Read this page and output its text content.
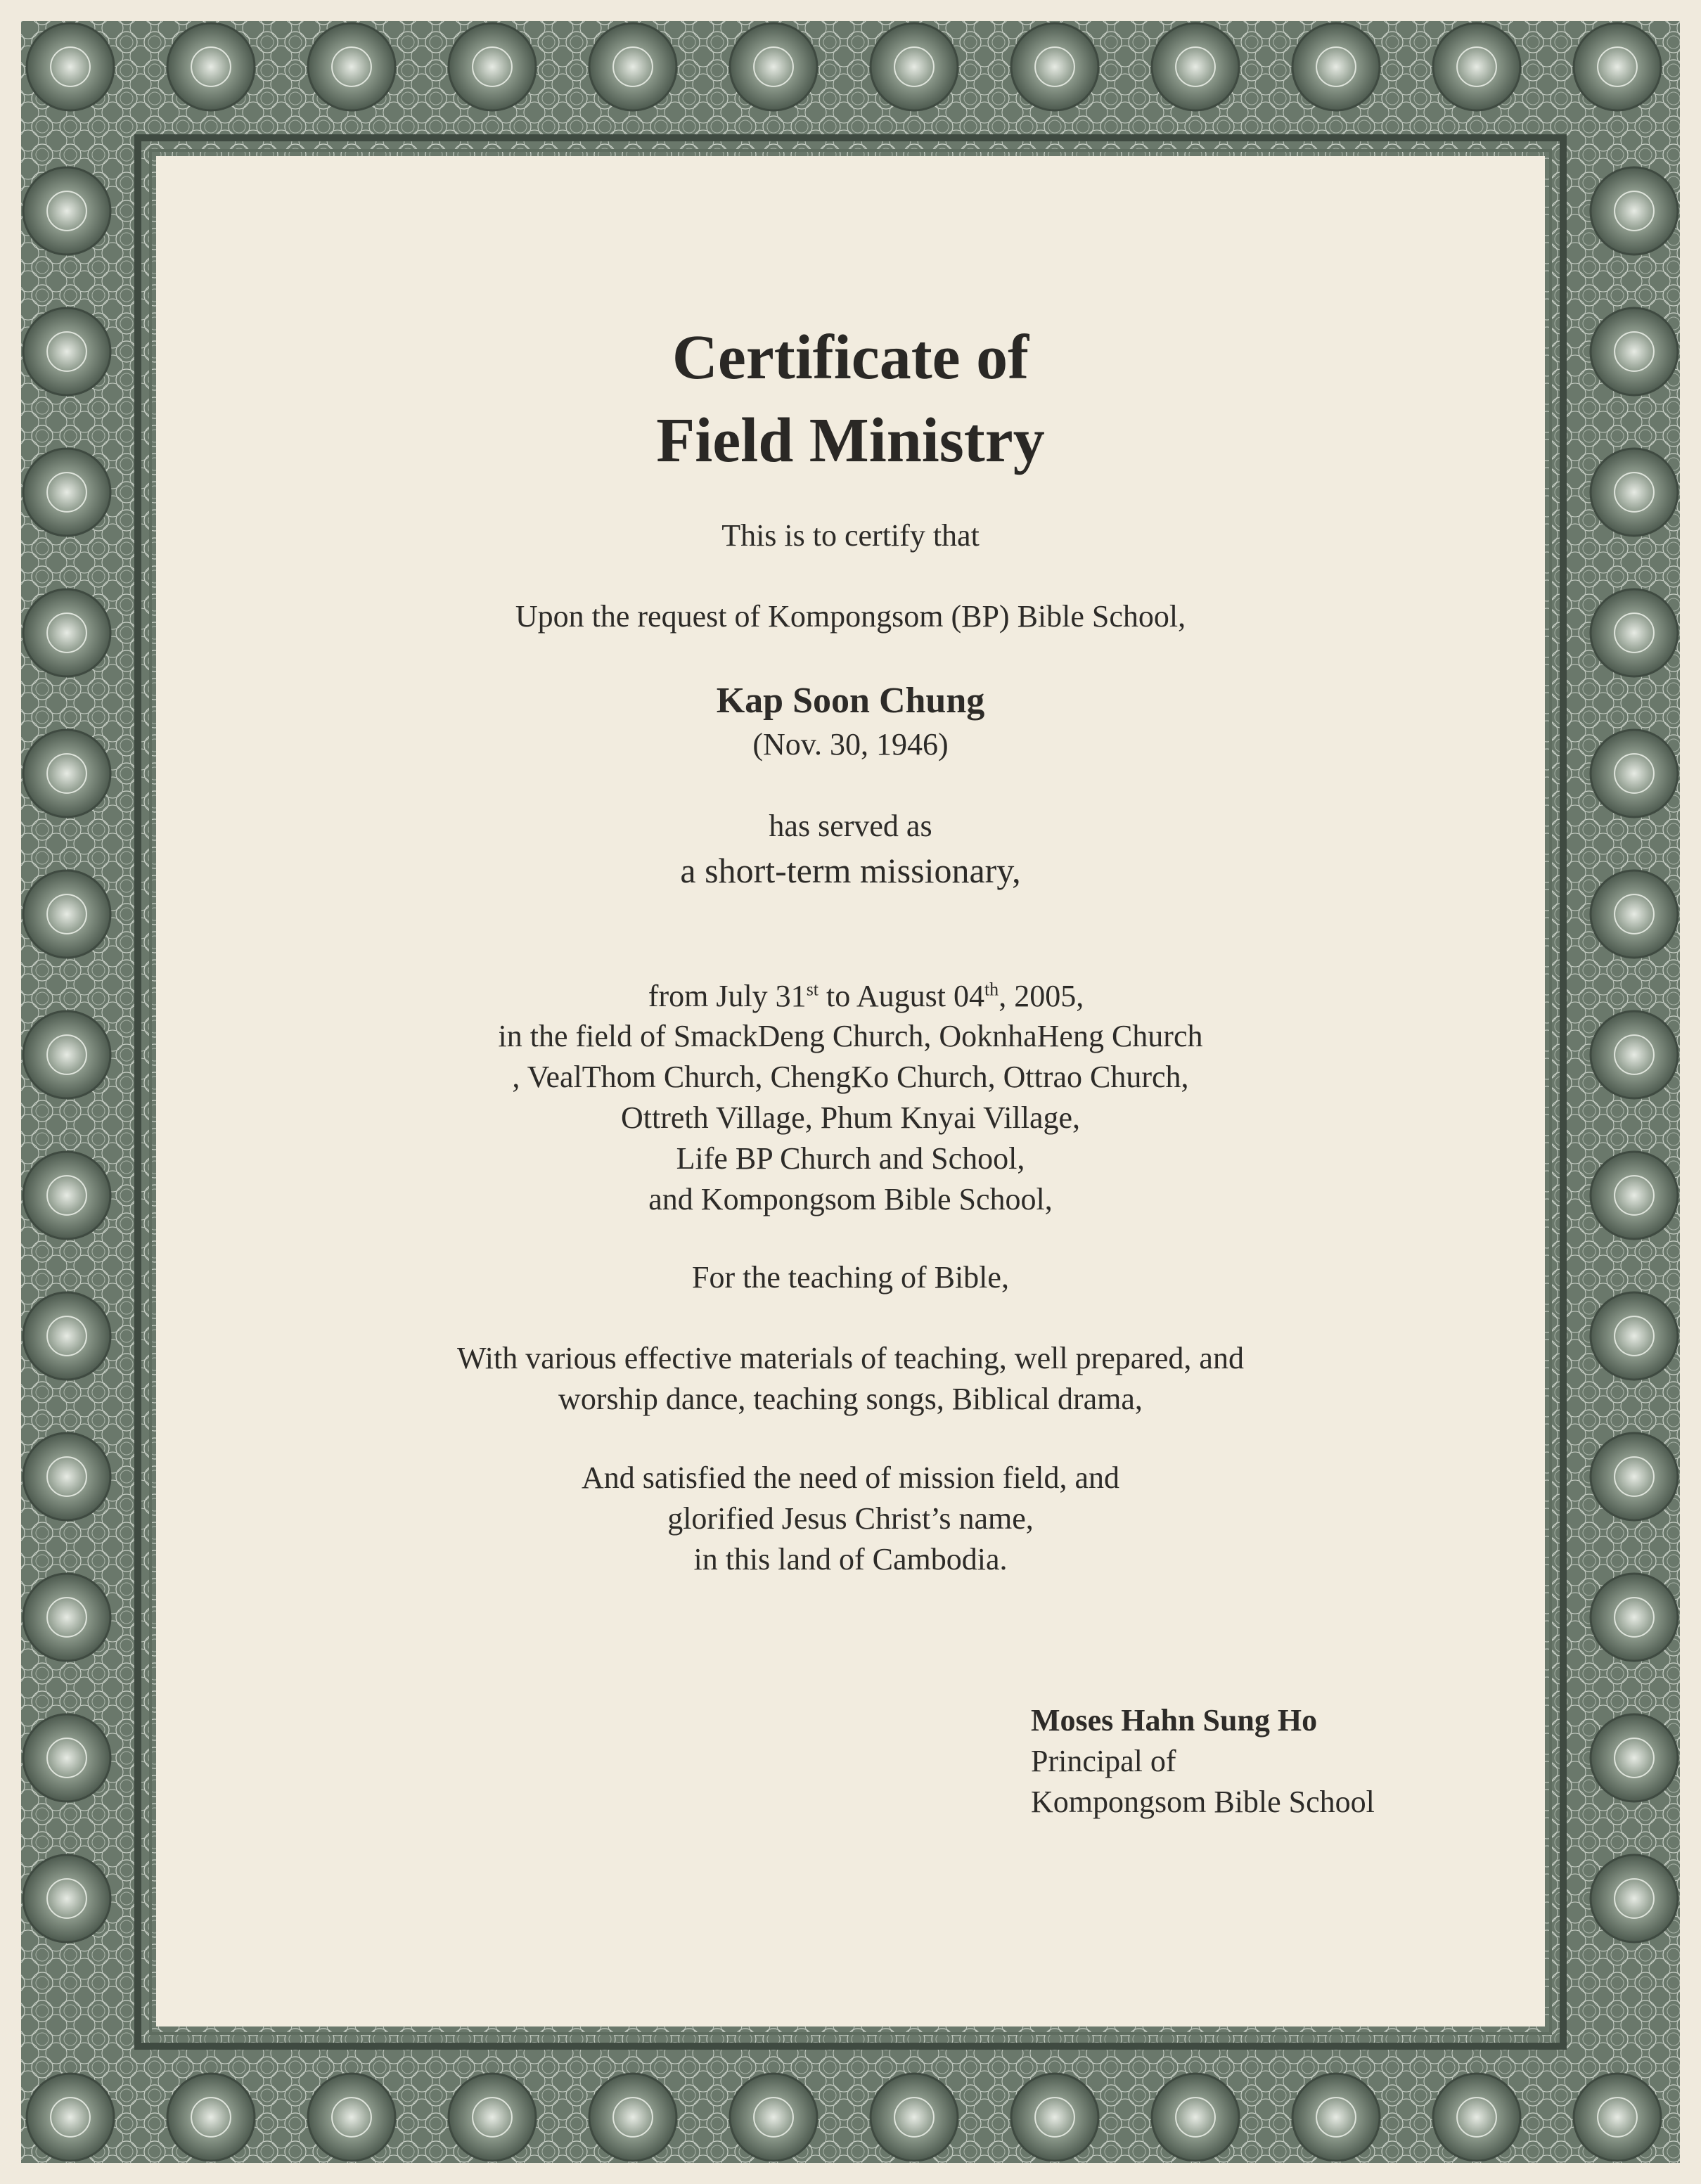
Certificate of
Field Ministry
This is to certify that
Upon the request of Kompongsom (BP) Bible School,
Kap Soon Chung
(Nov. 30, 1946)
has served as
a short-term missionary,

from July 31st to August 04th, 2005,

in the field of SmackDeng Church, OoknhaHeng Church
, VealThom Church, ChengKo Church, Ottrao Church,
Ottreth Village, Phum Knyai Village,
Life BP Church and School,
and Kompongsom Bible School,
For the teaching of Bible,
With various effective materials of teaching, well prepared, and
worship dance, teaching songs, Biblical drama,
And satisfied the need of mission field, and
glorified Jesus Christ’s name,
in this land of Cambodia.
Moses Hahn Sung Ho
Principal of
Kompongsom Bible School
